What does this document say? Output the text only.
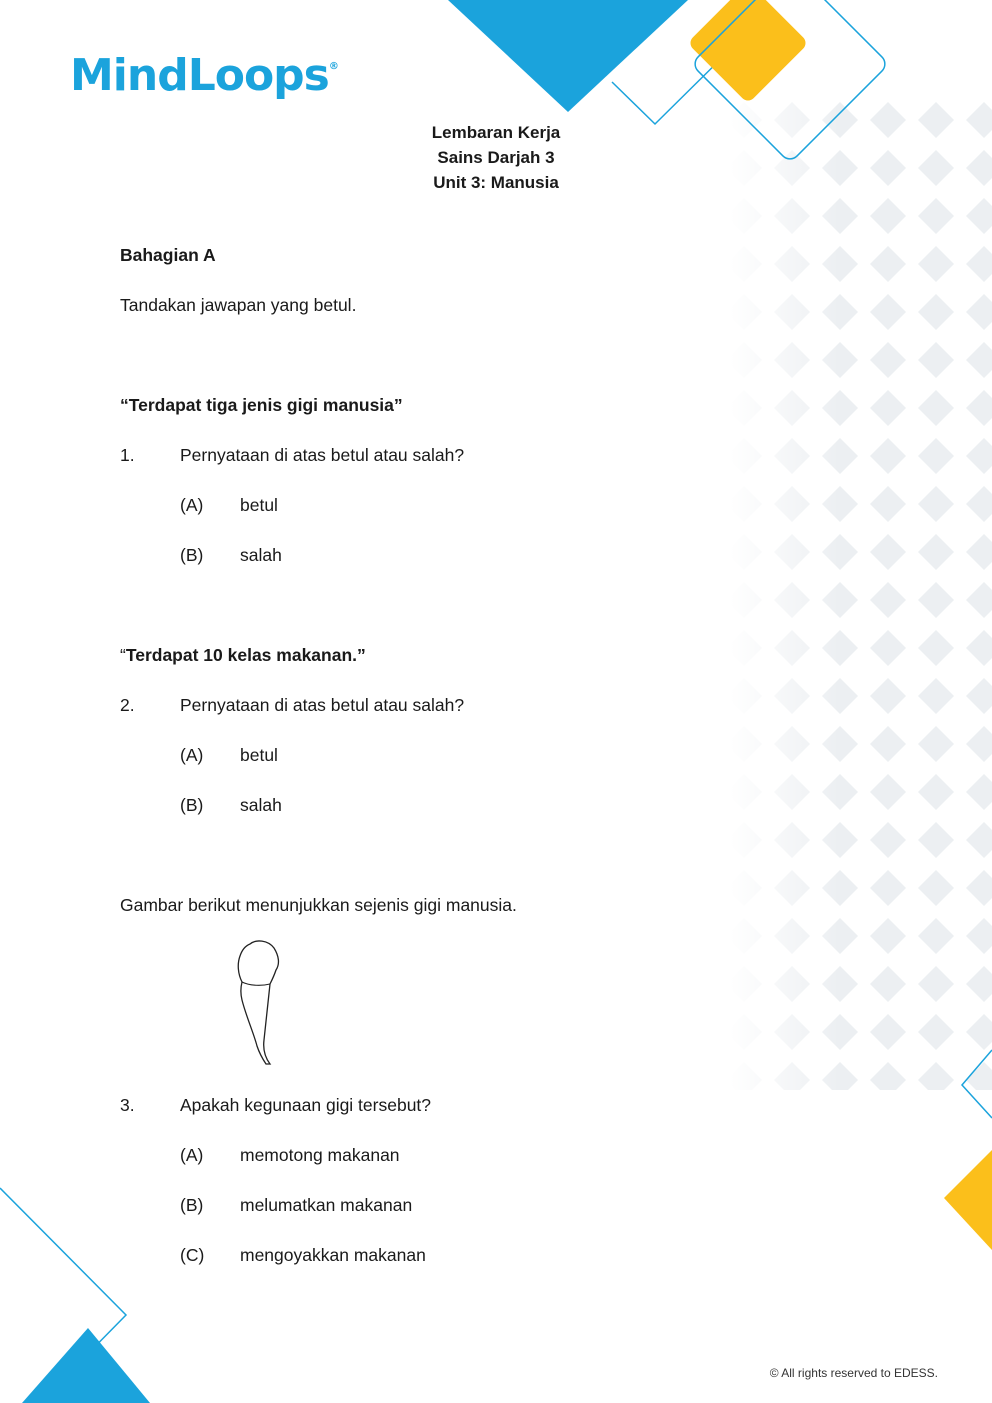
MindLoops®
Lembaran Kerja
Sains Darjah 3
Unit 3: Manusia
Bahagian A
Tandakan jawapan yang betul.
“Terdapat tiga jenis gigi manusia”
1.	Pernyataan di atas betul atau salah?
(A) betul
(B) salah
“Terdapat 10 kelas makanan.”
2.	Pernyataan di atas betul atau salah?
(A) betul
(B) salah
Gambar berikut menunjukkan sejenis gigi manusia.
3.	Apakah kegunaan gigi tersebut?
(A) memotong makanan
(B) melumatkan makanan
(C) mengoyakkan makanan
© All rights reserved to EDESS.
